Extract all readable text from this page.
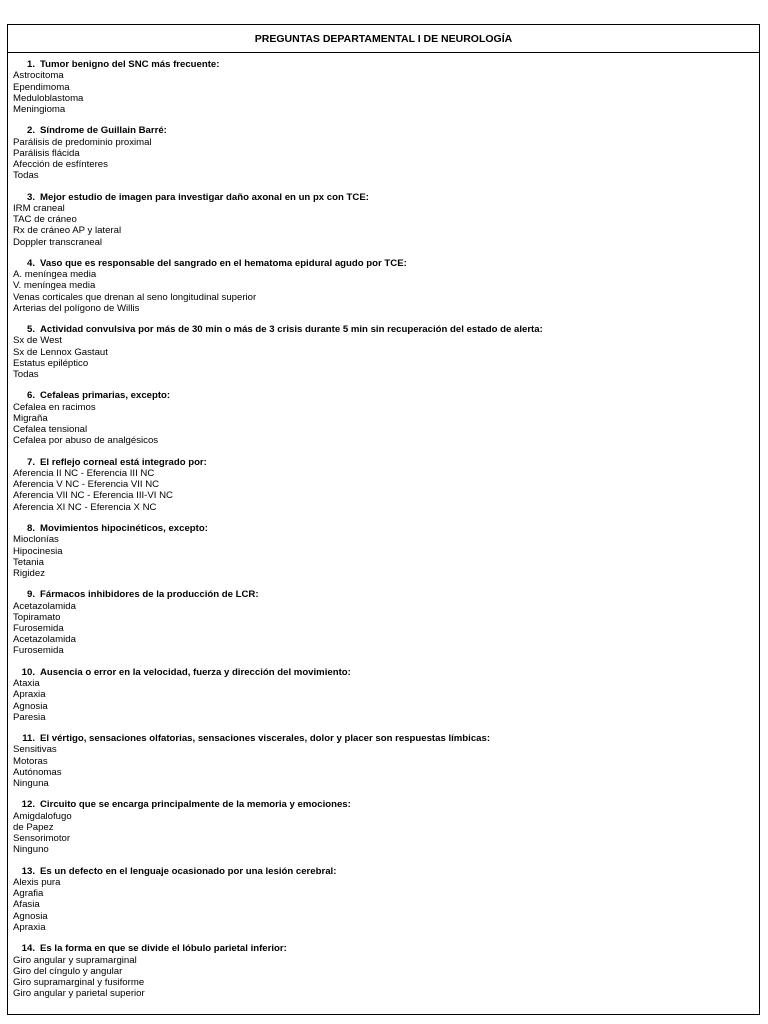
PREGUNTAS DEPARTAMENTAL I DE NEUROLOGÍA
1. Tumor benigno del SNC más frecuente:
Astrocitoma
Ependimoma
Meduloblastoma
Meningioma
2. Síndrome de Guillain Barré:
Parálisis de predominio proximal
Parálisis flácida
Afección de esfínteres
Todas
3. Mejor estudio de imagen para investigar daño axonal en un px con TCE:
IRM craneal
TAC de cráneo
Rx de cráneo AP y lateral
Doppler transcraneal
4. Vaso que es responsable del sangrado en el hematoma epidural agudo por TCE:
A. meníngea media
V. meníngea media
Venas corticales que drenan al seno longitudinal superior
Arterias del polígono de Willis
5. Actividad convulsiva por más de 30 min o más de 3 crisis durante 5 min sin recuperación del estado de alerta:
Sx de West
Sx de Lennox Gastaut
Estatus epiléptico
Todas
6. Cefaleas primarias, excepto:
Cefalea en racimos
Migraña
Cefalea tensional
Cefalea por abuso de analgésicos
7. El reflejo corneal está integrado por:
Aferencia II NC - Eferencia III NC
Aferencia V NC - Eferencia VII NC
Aferencia VII NC - Eferencia III-VI NC
Aferencia XI NC - Eferencia X NC
8. Movimientos hipocinéticos, excepto:
Mioclonías
Hipocinesia
Tetania
Rigidez
9. Fármacos inhibidores de la producción de LCR:
Acetazolamida
Topiramato
Furosemida
Acetazolamida
Furosemida
10. Ausencia o error en la velocidad, fuerza y dirección del movimiento:
Ataxia
Apraxia
Agnosia
Paresia
11. El vértigo, sensaciones olfatorias, sensaciones viscerales, dolor y placer son respuestas límbicas:
Sensitivas
Motoras
Autónomas
Ninguna
12. Circuito que se encarga principalmente de la memoria y emociones:
Amigdalofugo
de Papez
Sensorimotor
Ninguno
13. Es un defecto en el lenguaje ocasionado por una lesión cerebral:
Alexis pura
Agrafia
Afasia
Agnosia
Apraxia
14. Es la forma en que se divide el lóbulo parietal inferior:
Giro angular y supramarginal
Giro del cíngulo y angular
Giro supramarginal y fusiforme
Giro angular y parietal superior
